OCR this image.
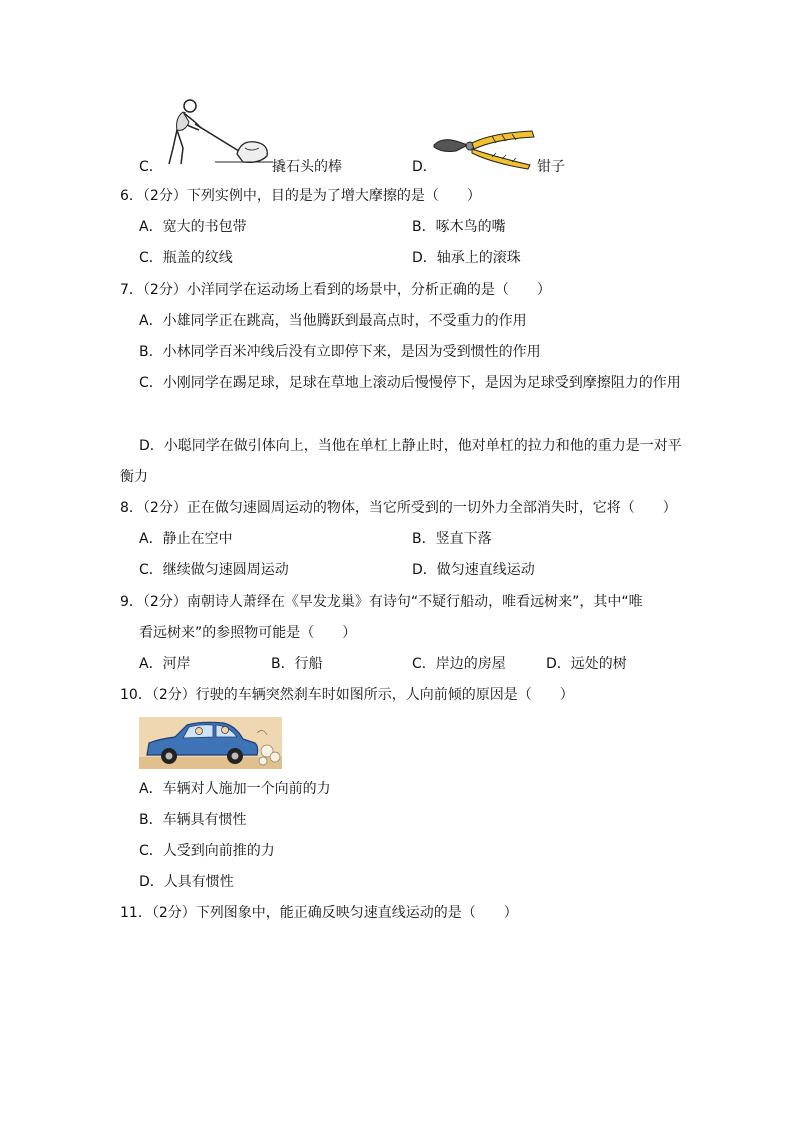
C．	撬石头的棒	D．	钳子
6．（2分）下列实例中，目的是为了增大摩擦的是（　　）
A．宽大的书包带	B．啄木鸟的嘴
C．瓶盖的纹线	D．轴承上的滚珠
7．（2分）小洋同学在运动场上看到的场景中，分析正确的是（　　）
A．小雄同学正在跳高，当他腾跃到最高点时，不受重力的作用
B．小林同学百米冲线后没有立即停下来，是因为受到惯性的作用
C．小刚同学在踢足球，足球在草地上滚动后慢慢停下，是因为足球受到摩擦阻力的作用
D．小聪同学在做引体向上，当他在单杠上静止时，他对单杠的拉力和他的重力是一对平
衡力
8．（2分）正在做匀速圆周运动的物体，当它所受到的一切外力全部消失时，它将（　　）
A．静止在空中	B．竖直下落
C．继续做匀速圆周运动	D．做匀速直线运动
9．（2分）南朝诗人萧绎在《早发龙巢》有诗句“不疑行船动，唯看远树来”，其中“唯
看远树来”的参照物可能是（　　）
A．河岸	B．行船	C．岸边的房屋	D．远处的树
10．（2分）行驶的车辆突然刹车时如图所示，人向前倾的原因是（　　）
A．车辆对人施加一个向前的力
B．车辆具有惯性
C．人受到向前推的力
D．人具有惯性
11．（2分）下列图象中，能正确反映匀速直线运动的是（　　）
